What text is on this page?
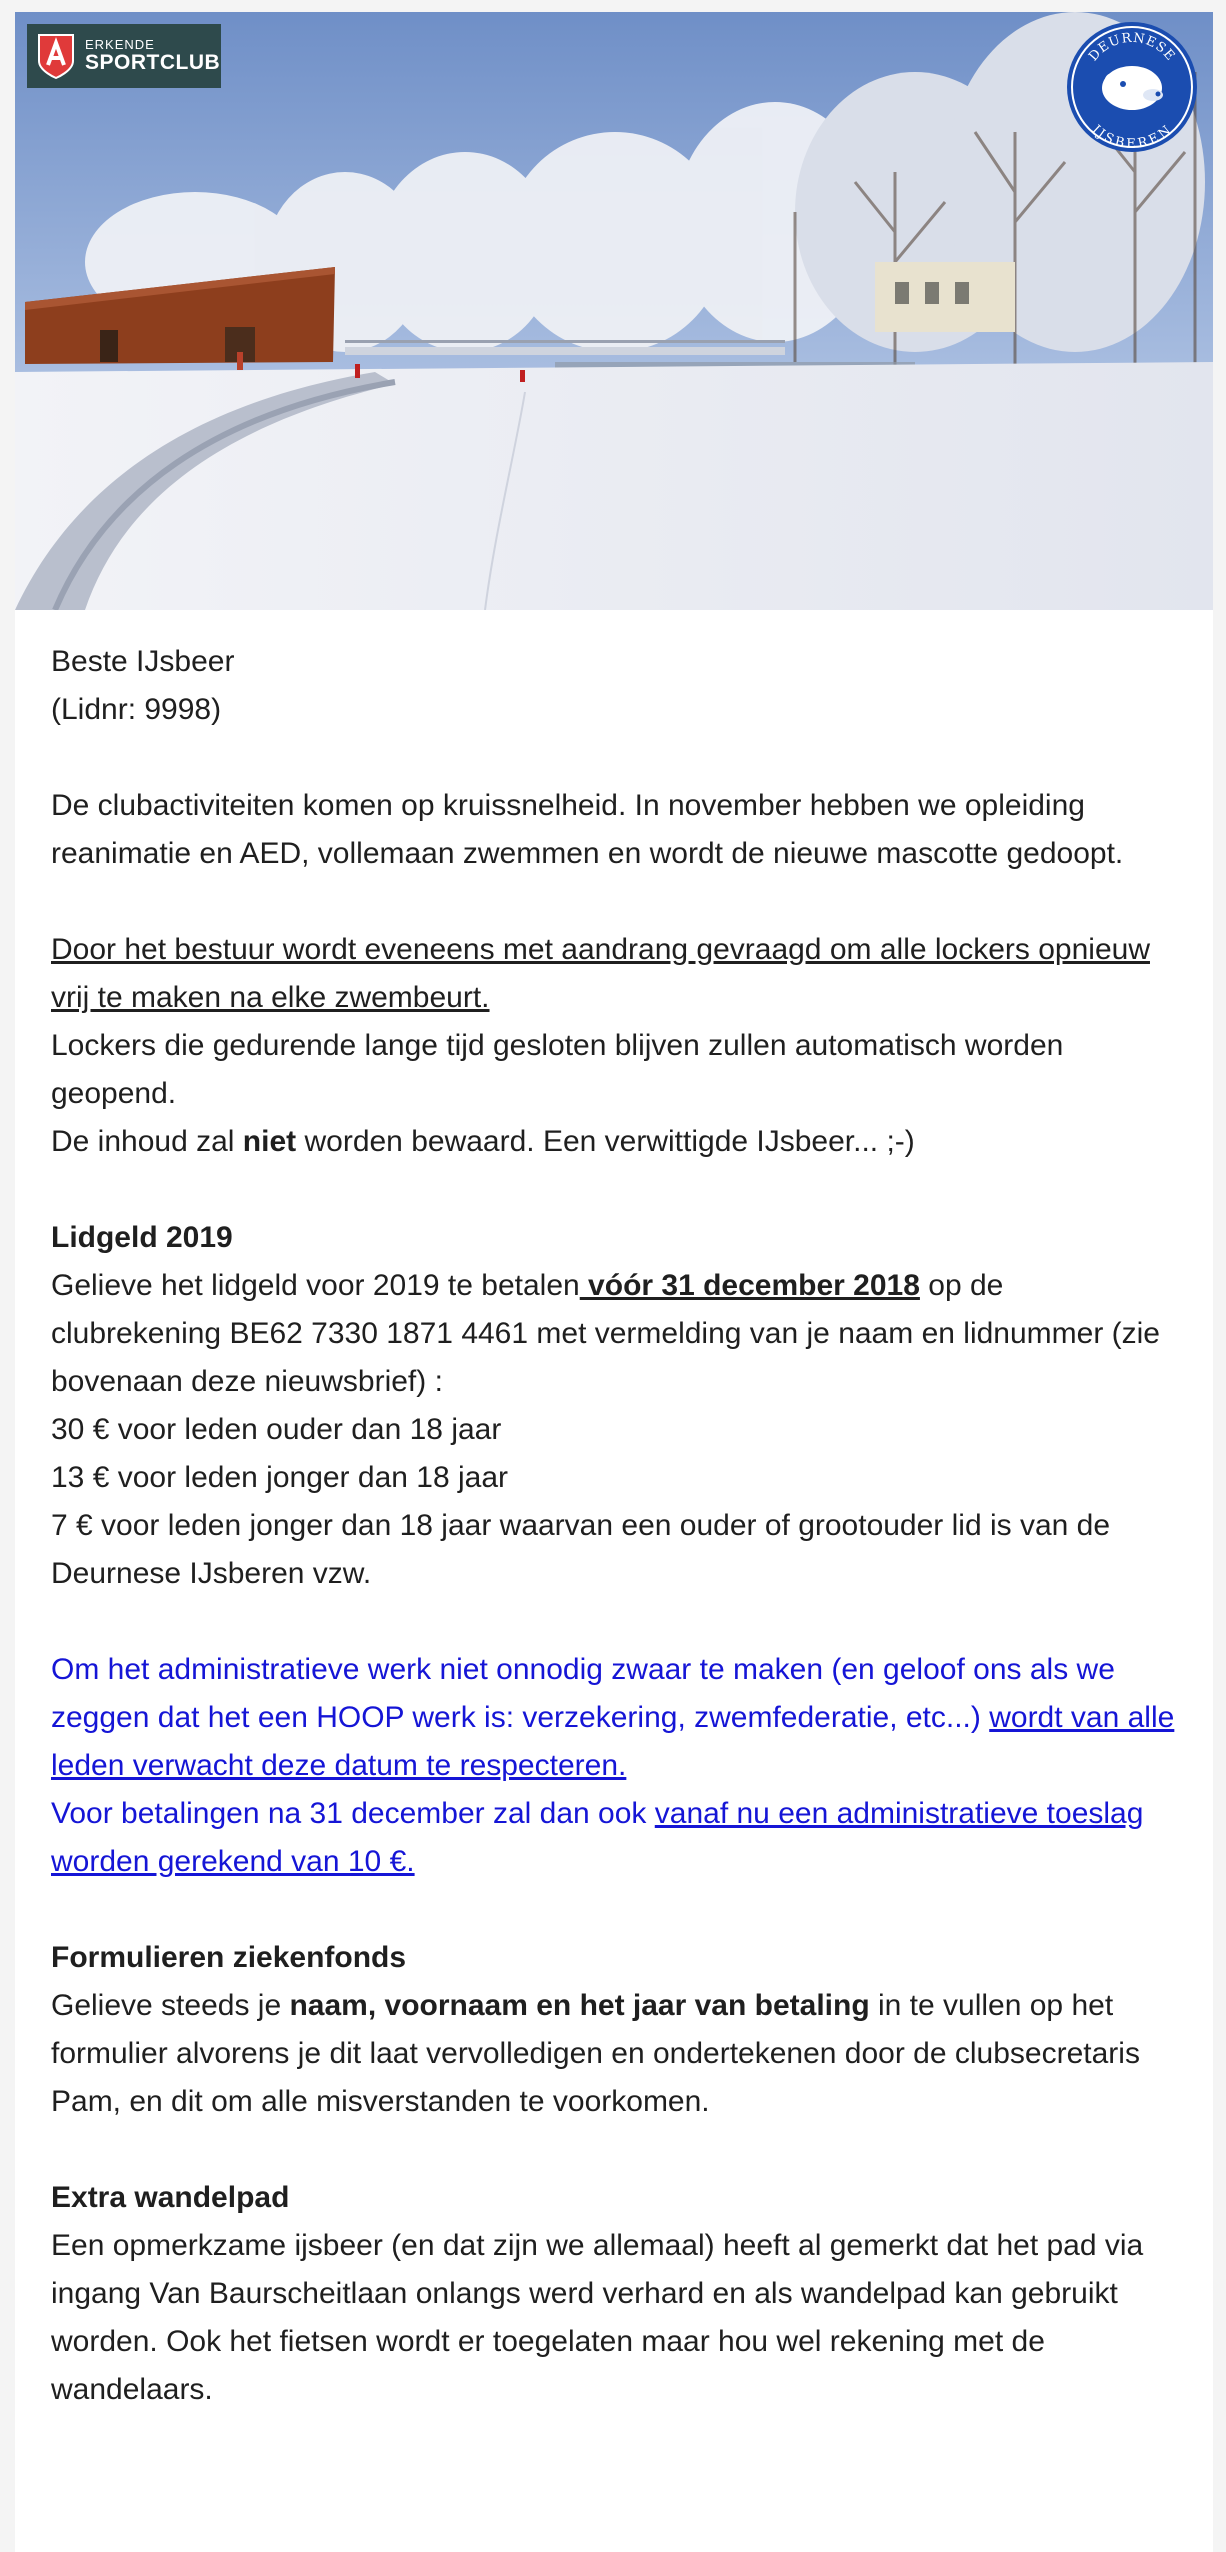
ERKENDE
SPORTCLUB	DEURNESE
IJSBEREN

Beste IJsbeer

(Lidnr: 9998)

De clubactiviteiten komen op kruissnelheid. In november hebben we opleiding reanimatie en AED, vollemaan zwemmen en wordt de nieuwe mascotte gedoopt.

Door het bestuur wordt eveneens met aandrang gevraagd om alle lockers opnieuw vrij te maken na elke zwembeurt.

Lockers die gedurende lange tijd gesloten blijven zullen automatisch worden geopend.

De inhoud zal niet worden bewaard. Een verwittigde IJsbeer... ;-)

Lidgeld 2019

Gelieve het lidgeld voor 2019 te betalen vóór 31 december 2018 op de clubrekening BE62 7330 1871 4461 met vermelding van je naam en lidnummer (zie bovenaan deze nieuwsbrief) :

30 € voor leden ouder dan 18 jaar

13 € voor leden jonger dan 18 jaar

7 € voor leden jonger dan 18 jaar waarvan een ouder of grootouder lid is van de Deurnese IJsberen vzw.

Om het administratieve werk niet onnodig zwaar te maken (en geloof ons als we zeggen dat het een HOOP werk is: verzekering, zwemfederatie, etc...) wordt van alle leden verwacht deze datum te respecteren.

Voor betalingen na 31 december zal dan ook vanaf nu een administratieve toeslag worden gerekend van 10 €.

Formulieren ziekenfonds

Gelieve steeds je naam, voornaam en het jaar van betaling in te vullen op het formulier alvorens je dit laat vervolledigen en ondertekenen door de clubsecretaris Pam, en dit om alle misverstanden te voorkomen.

Extra wandelpad

Een opmerkzame ijsbeer (en dat zijn we allemaal) heeft al gemerkt dat het pad via ingang Van Baurscheitlaan onlangs werd verhard en als wandelpad kan gebruikt worden. Ook het fietsen wordt er toegelaten maar hou wel rekening met de wandelaars.
